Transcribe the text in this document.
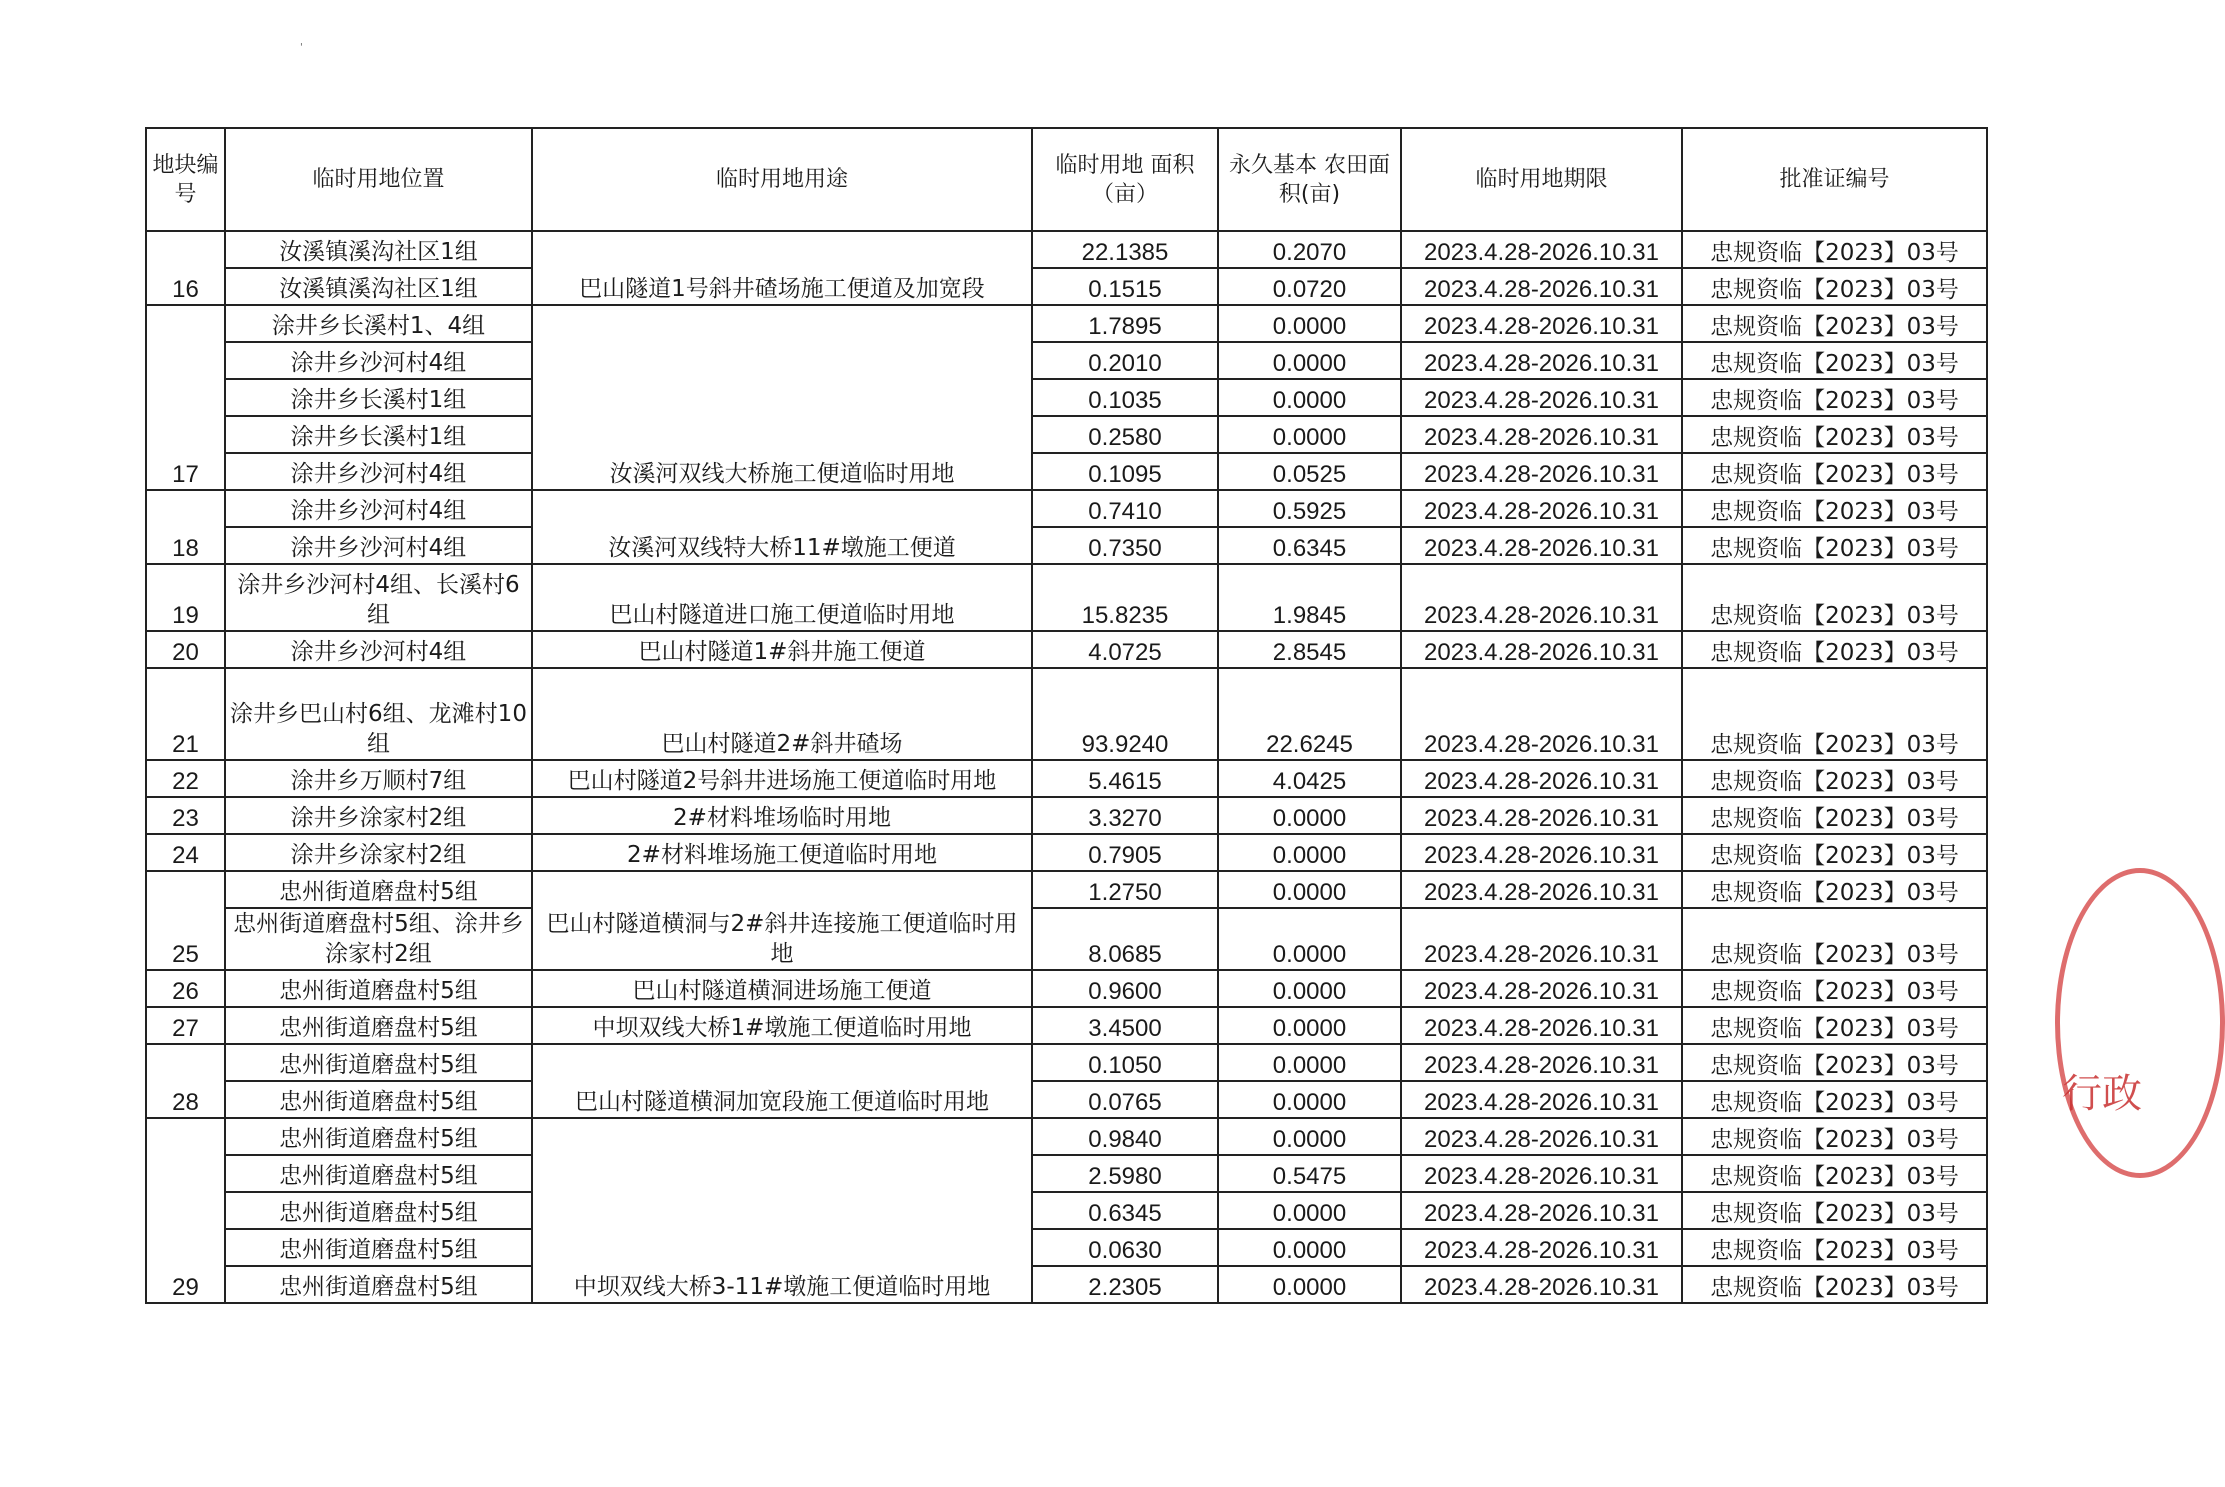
'
地块编号	临时用地位置	临时用地用途	临时用地 面积（亩）	永久基本 农田面积(亩)	临时用地期限	批准证编号
16	汝溪镇溪沟社区1组	巴山隧道1号斜井碴场施工便道及加宽段	22.1385	0.2070	2023.4.28-2026.10.31	忠规资临【2023】03号
	汝溪镇溪沟社区1组		0.1515	0.0720	2023.4.28-2026.10.31	忠规资临【2023】03号
17	涂井乡长溪村1、4组	汝溪河双线大桥施工便道临时用地	1.7895	0.0000	2023.4.28-2026.10.31	忠规资临【2023】03号
	涂井乡沙河村4组		0.2010	0.0000	2023.4.28-2026.10.31	忠规资临【2023】03号
	涂井乡长溪村1组		0.1035	0.0000	2023.4.28-2026.10.31	忠规资临【2023】03号
	涂井乡长溪村1组		0.2580	0.0000	2023.4.28-2026.10.31	忠规资临【2023】03号
	涂井乡沙河村4组		0.1095	0.0525	2023.4.28-2026.10.31	忠规资临【2023】03号
18	涂井乡沙河村4组	汝溪河双线特大桥11#墩施工便道	0.7410	0.5925	2023.4.28-2026.10.31	忠规资临【2023】03号
	涂井乡沙河村4组		0.7350	0.6345	2023.4.28-2026.10.31	忠规资临【2023】03号
19	涂井乡沙河村4组、长溪村6组	巴山村隧道进口施工便道临时用地	15.8235	1.9845	2023.4.28-2026.10.31	忠规资临【2023】03号
20	涂井乡沙河村4组	巴山村隧道1#斜井施工便道	4.0725	2.8545	2023.4.28-2026.10.31	忠规资临【2023】03号
21	涂井乡巴山村6组、龙滩村10组	巴山村隧道2#斜井碴场	93.9240	22.6245	2023.4.28-2026.10.31	忠规资临【2023】03号
22	涂井乡万顺村7组	巴山村隧道2号斜井进场施工便道临时用地	5.4615	4.0425	2023.4.28-2026.10.31	忠规资临【2023】03号
23	涂井乡涂家村2组	2#材料堆场临时用地	3.3270	0.0000	2023.4.28-2026.10.31	忠规资临【2023】03号
24	涂井乡涂家村2组	2#材料堆场施工便道临时用地	0.7905	0.0000	2023.4.28-2026.10.31	忠规资临【2023】03号
25	忠州街道磨盘村5组	巴山村隧道横洞与2#斜井连接施工便道临时用地	1.2750	0.0000	2023.4.28-2026.10.31	忠规资临【2023】03号
	忠州街道磨盘村5组、涂井乡涂家村2组		8.0685	0.0000	2023.4.28-2026.10.31	忠规资临【2023】03号
26	忠州街道磨盘村5组	巴山村隧道横洞进场施工便道	0.9600	0.0000	2023.4.28-2026.10.31	忠规资临【2023】03号
27	忠州街道磨盘村5组	中坝双线大桥1#墩施工便道临时用地	3.4500	0.0000	2023.4.28-2026.10.31	忠规资临【2023】03号
28	忠州街道磨盘村5组	巴山村隧道横洞加宽段施工便道临时用地	0.1050	0.0000	2023.4.28-2026.10.31	忠规资临【2023】03号
	忠州街道磨盘村5组		0.0765	0.0000	2023.4.28-2026.10.31	忠规资临【2023】03号
29	忠州街道磨盘村5组	中坝双线大桥3-11#墩施工便道临时用地	0.9840	0.0000	2023.4.28-2026.10.31	忠规资临【2023】03号
	忠州街道磨盘村5组		2.5980	0.5475	2023.4.28-2026.10.31	忠规资临【2023】03号
	忠州街道磨盘村5组		0.6345	0.0000	2023.4.28-2026.10.31	忠规资临【2023】03号
	忠州街道磨盘村5组		0.0630	0.0000	2023.4.28-2026.10.31	忠规资临【2023】03号
	忠州街道磨盘村5组		2.2305	0.0000	2023.4.28-2026.10.31	忠规资临【2023】03号
行政
